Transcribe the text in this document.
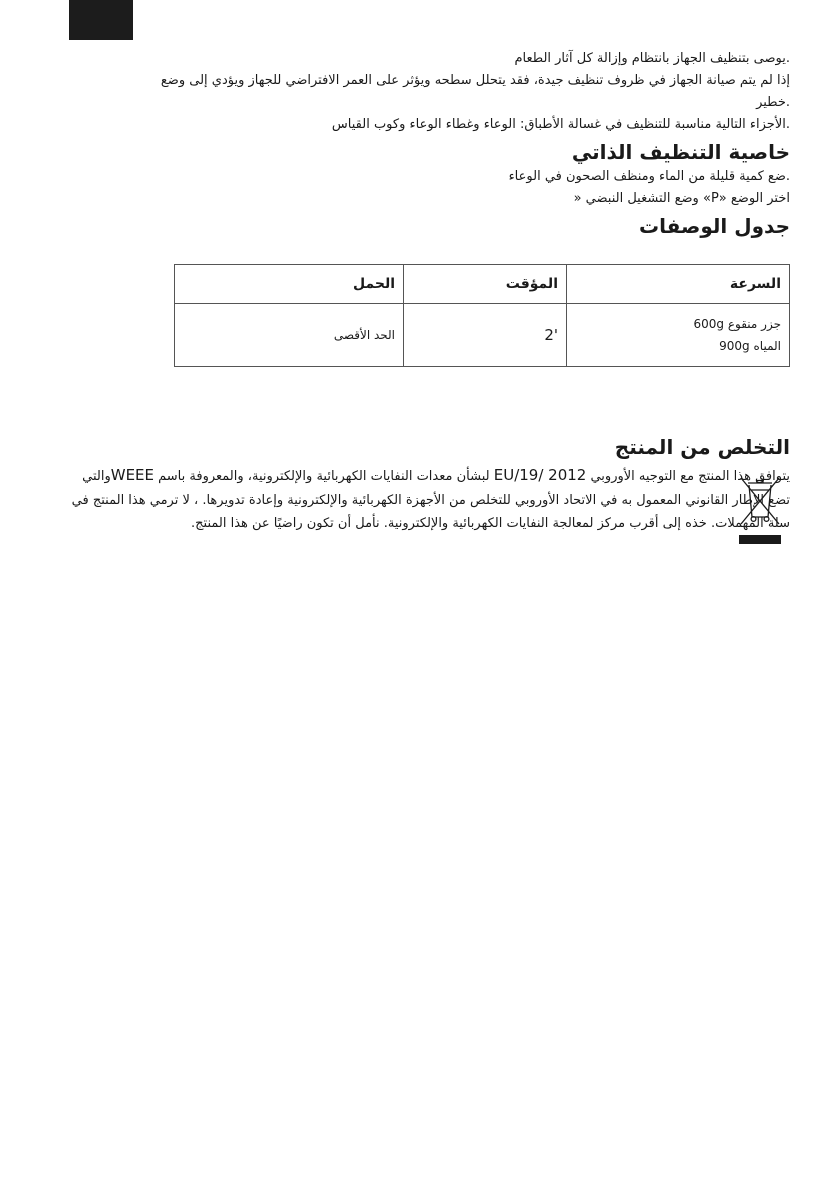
.يوصى بتنظيف الجهاز بانتظام وإزالة كل آثار الطعام
إذا لم يتم صيانة الجهاز في ظروف تنظيف جيدة، فقد يتحلل سطحه ويؤثر على العمر الافتراضي للجهاز ويؤدي إلى وضع
.خطير
.الأجزاء التالية مناسبة للتنظيف في غسالة الأطباق: الوعاء وغطاء الوعاء وكوب القياس
خاصية التنظيف الذاتي
.ضع كمية قليلة من الماء ومنظف الصحون في الوعاء
اختر الوضع «P» وضع التشغيل النبضي «
جدول الوصفات
السرعة	المؤقت	الحمل

جزر منقوع 600g
المياه 900g	2'	الحد الأقصى
التخلص من المنتج
يتوافق هذا المنتج مع التوجيه الأوروبي EU/19/ 2012 لبشأن معدات النفايات الكهربائية والإلكترونية، والمعروفة باسم WEEEوالتي تضع الإطار القانوني المعمول به في الاتحاد الأوروبي للتخلص من الأجهزة الكهربائية والإلكترونية وإعادة تدويرها. ، لا ترمي هذا المنتج في سلة المهملات. خذه إلى أقرب مركز لمعالجة النفايات الكهربائية والإلكترونية. نأمل أن تكون راضيًا عن هذا المنتج.
